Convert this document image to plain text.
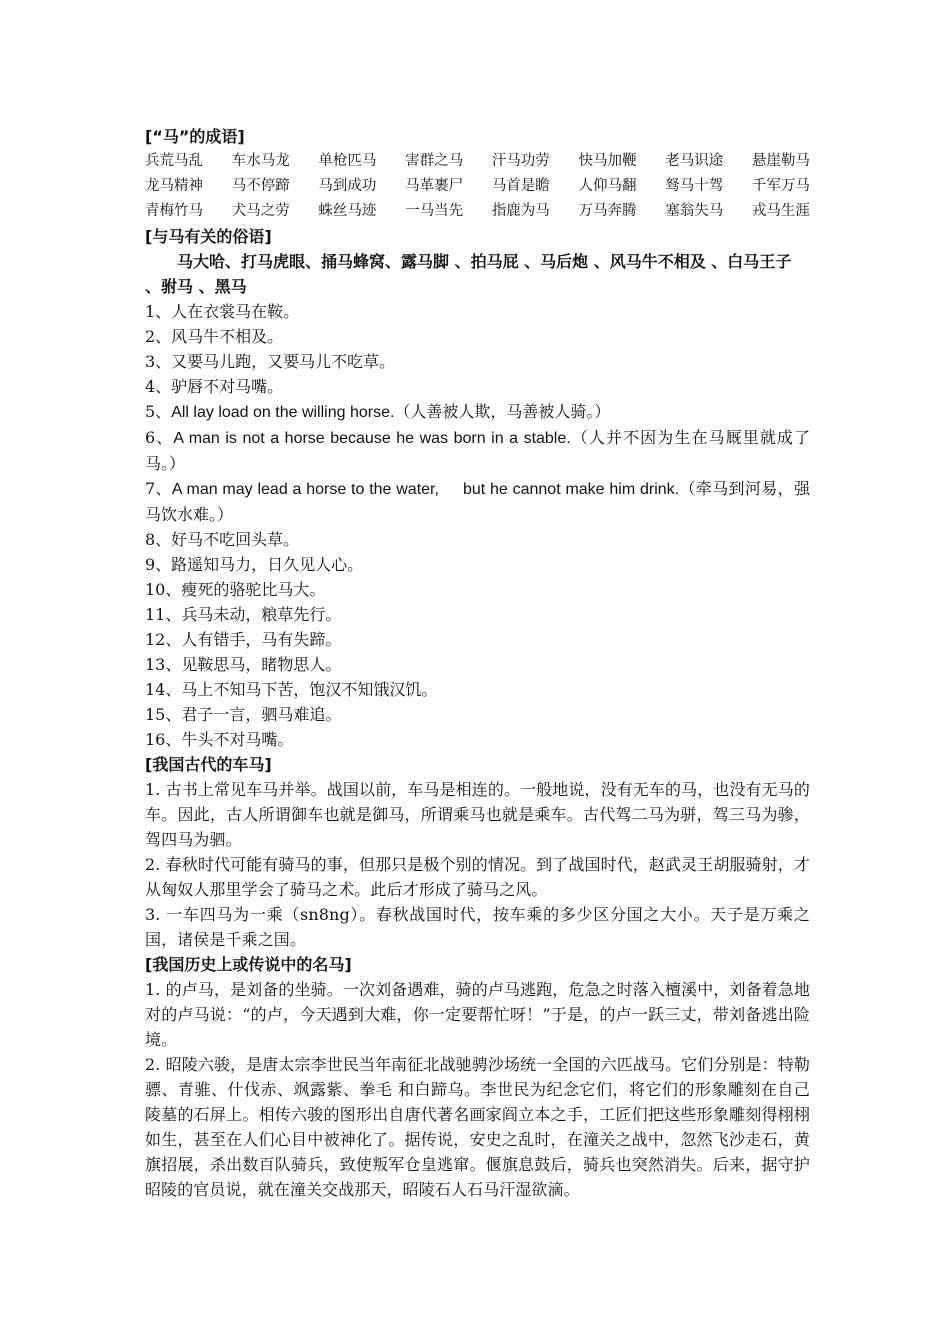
[“马”的成语]

兵荒马乱 车水马龙 单枪匹马 害群之马 汗马功劳 快马加鞭 老马识途 悬崖勒马
龙马精神 马不停蹄 马到成功 马革裹尸 马首是瞻 人仰马翻 驽马十驾 千军万马
青梅竹马 犬马之劳 蛛丝马迹 一马当先 指鹿为马 万马奔腾 塞翁失马 戎马生涯

[与马有关的俗语]

马大哈、打马虎眼、捅马蜂窝、露马脚 、拍马屁 、马后炮 、风马牛不相及 、白马王子 、驸马 、黑马

1、人在衣裳马在鞍。

2、风马牛不相及。

3、又要马儿跑，又要马儿不吃草。

4、驴唇不对马嘴。

5、All lay load on the willing horse.（人善被人欺，马善被人骑。）

6、A man is not a horse because he was born in a stable.（人并不因为生在马厩里就成了马。）

7、A man may lead a horse to the water,     but he cannot make him drink.（牵马到河易，强马饮水难。）

8、好马不吃回头草。

9、路遥知马力，日久见人心。

10、瘦死的骆驼比马大。

11、兵马未动，粮草先行。

12、人有错手，马有失蹄。

13、见鞍思马，睹物思人。

14、马上不知马下苦，饱汉不知饿汉饥。

15、君子一言，驷马难追。

16、牛头不对马嘴。

[我国古代的车马]

1. 古书上常见车马并举。战国以前，车马是相连的。一般地说，没有无车的马，也没有无马的车。因此，古人所谓御车也就是御马，所谓乘马也就是乘车。古代驾二马为骈，驾三马为骖，驾四马为驷。

2. 春秋时代可能有骑马的事，但那只是极个别的情况。到了战国时代，赵武灵王胡服骑射，才从匈奴人那里学会了骑马之术。此后才形成了骑马之风。

3. 一车四马为一乘（sn8ng）。春秋战国时代，按车乘的多少区分国之大小。天子是万乘之国，诸侯是千乘之国。

[我国历史上或传说中的名马]

1. 的卢马，是刘备的坐骑。一次刘备遇难，骑的卢马逃跑，危急之时落入檀溪中，刘备着急地对的卢马说：“的卢，今天遇到大难，你一定要帮忙呀！”于是，的卢一跃三丈，带刘备逃出险境。

2. 昭陵六骏，是唐太宗李世民当年南征北战驰骋沙场统一全国的六匹战马。它们分别是：特勒骠、青骓、什伐赤、飒露紫、拳毛 和白蹄乌。李世民为纪念它们，将它们的形象雕刻在自己陵墓的石屏上。相传六骏的图形出自唐代著名画家阎立本之手，工匠们把这些形象雕刻得栩栩如生，甚至在人们心目中被神化了。据传说，安史之乱时，在潼关之战中，忽然飞沙走石，黄旗招展，杀出数百队骑兵，致使叛军仓皇逃窜。偃旗息鼓后，骑兵也突然消失。后来，据守护昭陵的官员说，就在潼关交战那天，昭陵石人石马汗湿欲滴。
